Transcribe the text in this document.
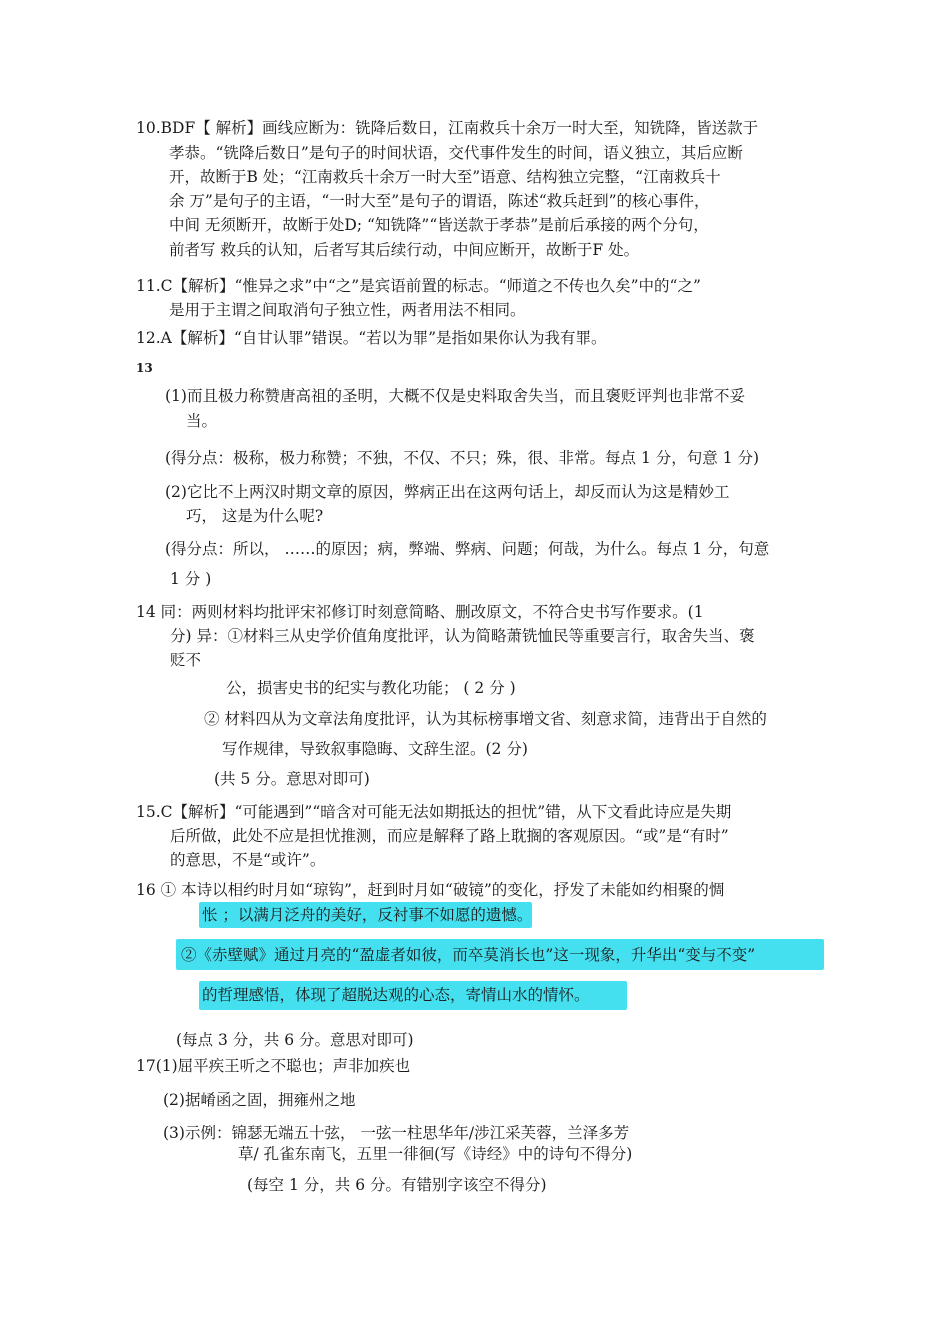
10.BDF【 解析】画线应断为：铣降后数日，江南救兵十余万一时大至，知铣降，皆送款于
孝恭。“铣降后数日”是句子的时间状语，交代事件发生的时间，语义独立，其后应断
开，故断于B 处；“江南救兵十余万一时大至”语意、结构独立完整，“江南救兵十
余 万”是句子的主语，“一时大至”是句子的谓语，陈述“救兵赶到”的核心事件，
中间 无须断开，故断于处D; “知铣降”“皆送款于孝恭”是前后承接的两个分句，
前者写 救兵的认知，后者写其后续行动，中间应断开，故断于F 处。
11.C【解析】“惟异之求”中“之”是宾语前置的标志。“师道之不传也久矣”中的“之”
是用于主谓之间取消句子独立性，两者用法不相同。
12.A【解析】“自甘认罪”错误。“若以为罪”是指如果你认为我有罪。
13
(1)而且极力称赞唐高祖的圣明，大概不仅是史料取舍失当，而且褒贬评判也非常不妥
当。
(得分点：极称，极力称赞；不独，不仅、不只；殊，很、非常。每点 1 分，句意 1 分)
(2)它比不上两汉时期文章的原因，弊病正出在这两句话上，却反而认为这是精妙工
巧， 这是为什么呢?
(得分点：所以， ……的原因；病，弊端、弊病、问题；何哉，为什么。每点 1 分，句意
1 分 )
14 同：两则材料均批评宋祁修订时刻意简略、删改原文，不符合史书写作要求。(1
分) 异：①材料三从史学价值角度批评，认为简略萧铣恤民等重要言行，取舍失当、褒
贬不
公，损害史书的纪实与教化功能； ( 2 分 )
② 材料四从为文章法角度批评，认为其标榜事增文省、刻意求简，违背出于自然的
写作规律，导致叙事隐晦、文辞生涩。(2 分)
(共 5 分。意思对即可)
15.C【解析】“可能遇到”“暗含对可能无法如期抵达的担忧”错，从下文看此诗应是失期
后所做，此处不应是担忧推测，而应是解释了路上耽搁的客观原因。“或”是“有时”
的意思，不是“或许”。
16 ① 本诗以相约时月如“琼钩”，赶到时月如“破镜”的变化，抒发了未能如约相聚的惆
怅 ；以满月泛舟的美好，反衬事不如愿的遗憾。
②《赤壁赋》通过月亮的“盈虚者如彼，而卒莫消长也”这一现象，升华出“变与不变”
的哲理感悟，体现了超脱达观的心态，寄情山水的情怀。
(每点 3 分，共 6 分。意思对即可)
17(1)屈平疾王听之不聪也；声非加疾也
(2)据崤函之固，拥雍州之地
(3)示例：锦瑟无端五十弦， 一弦一柱思华年/涉江采芙蓉，兰泽多芳
草/ 孔雀东南飞，五里一徘徊(写《诗经》中的诗句不得分)
(每空 1 分，共 6 分。有错别字该空不得分)
